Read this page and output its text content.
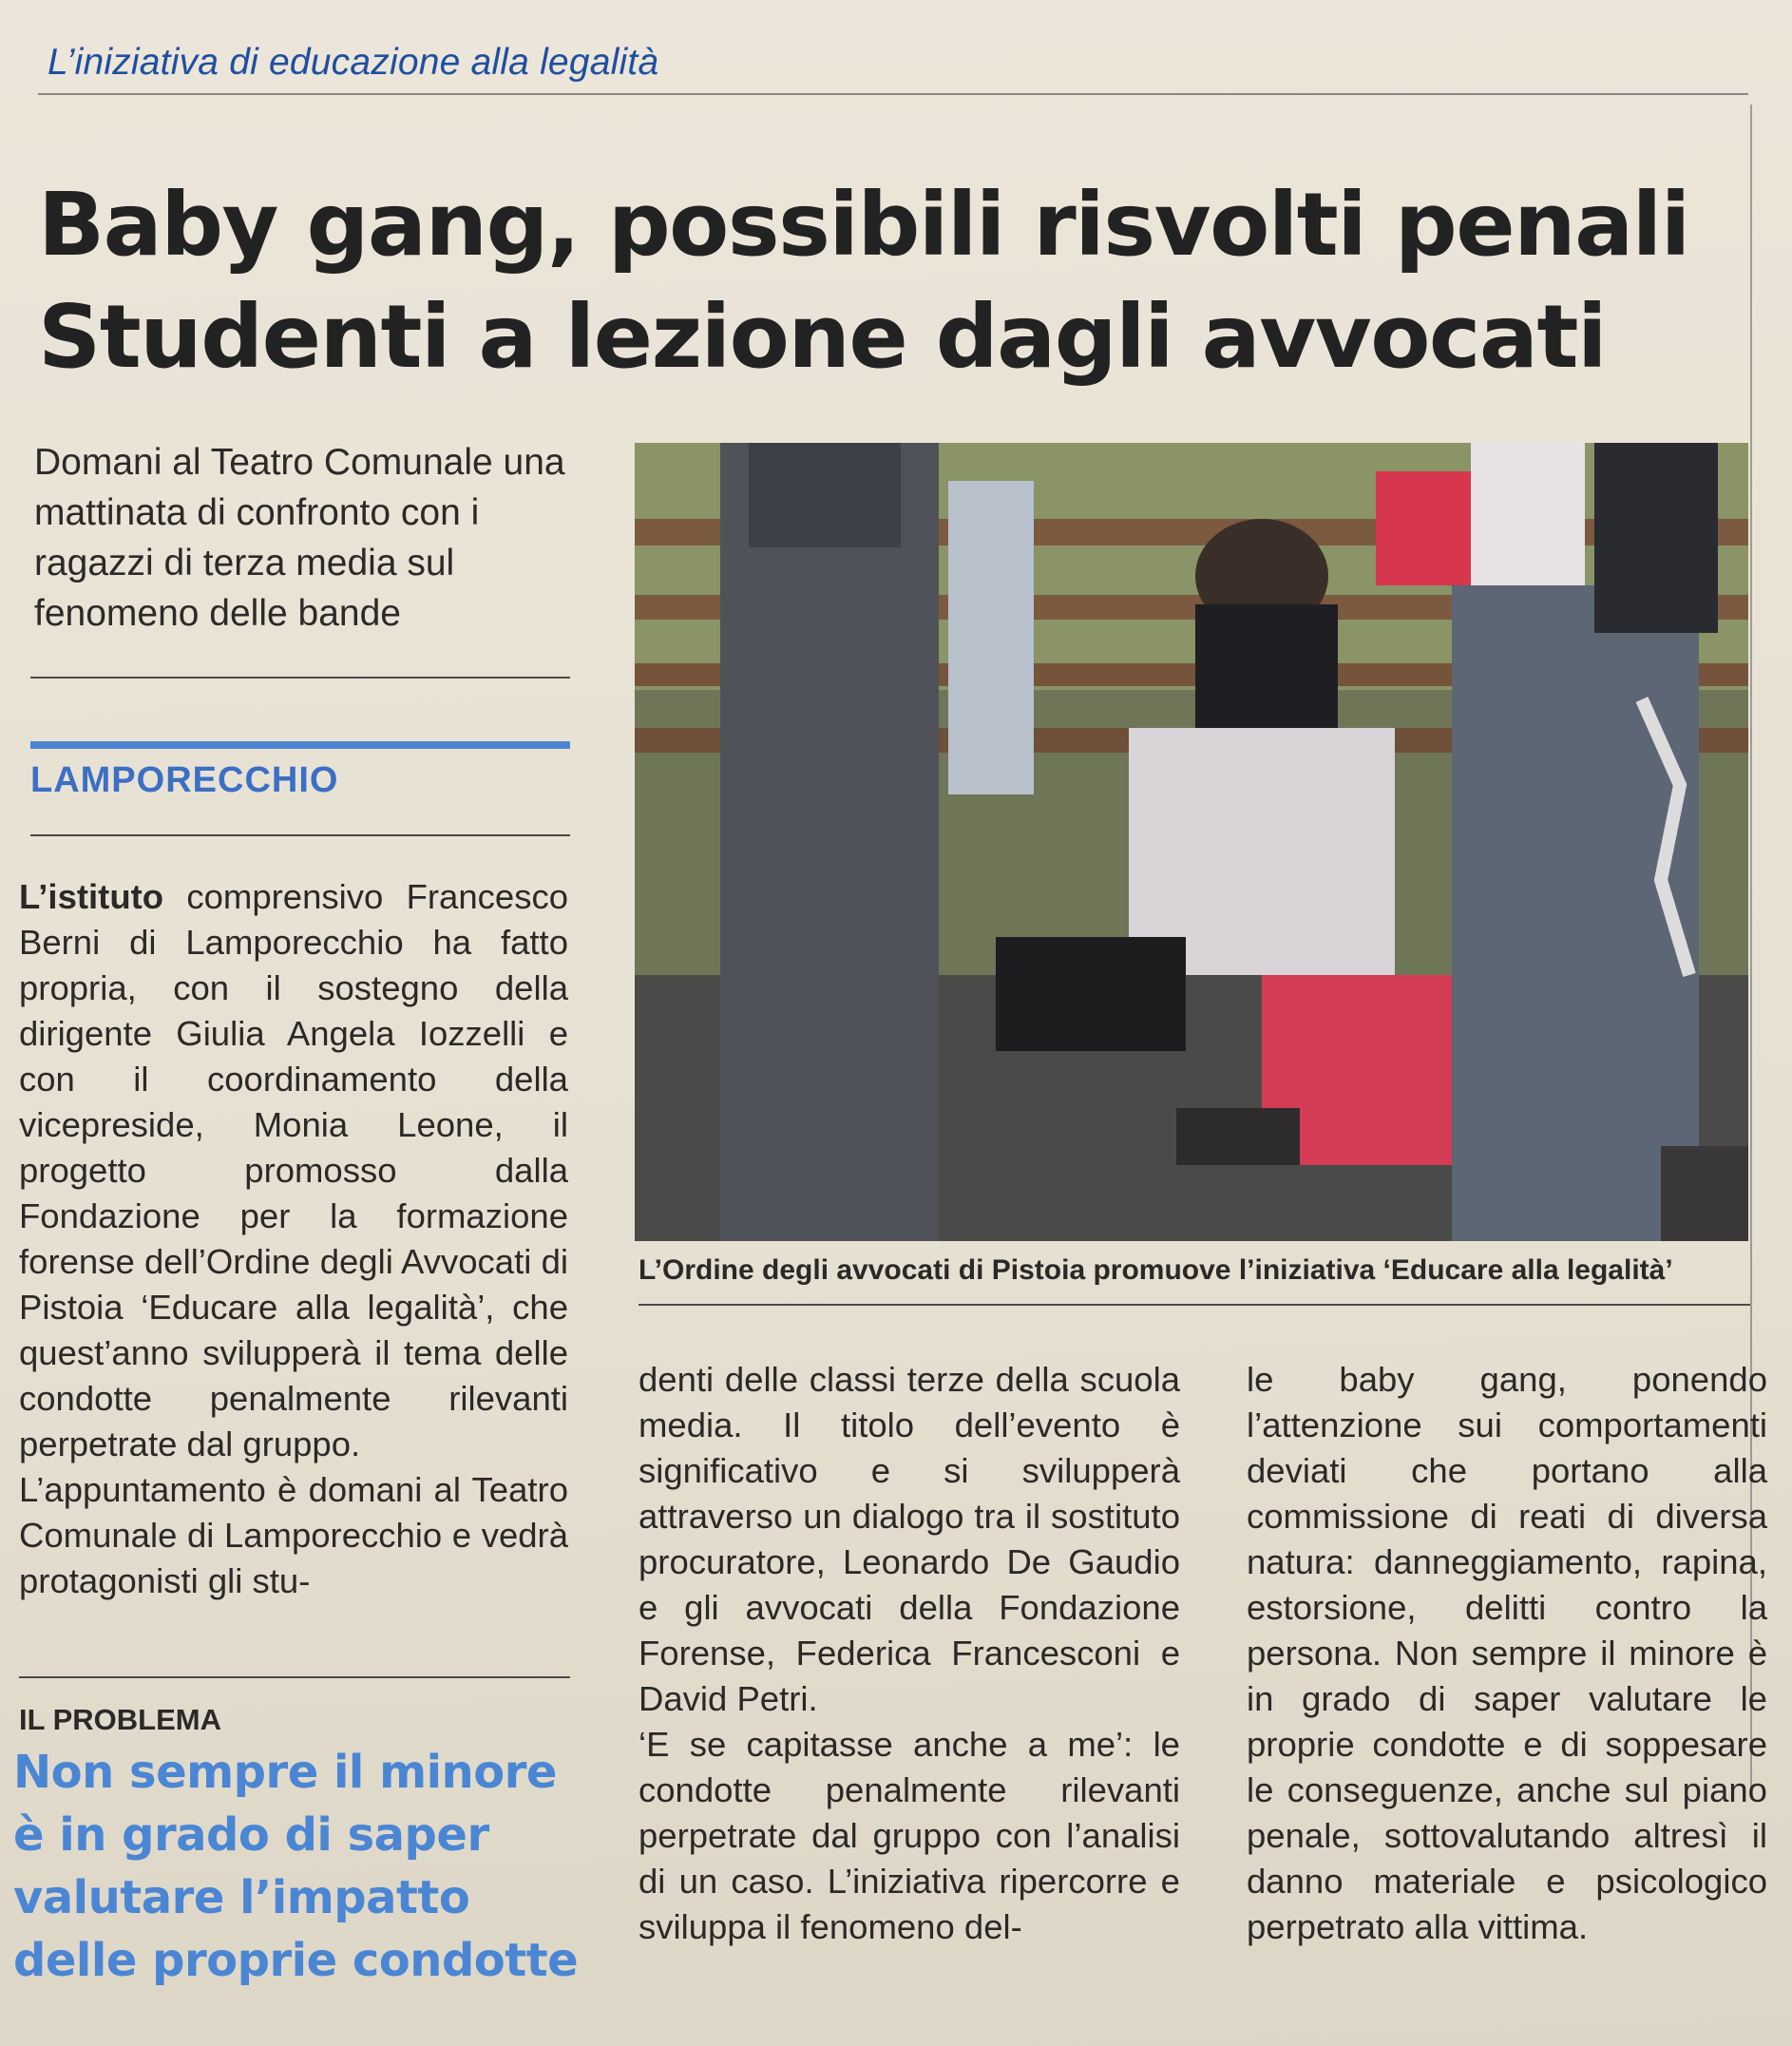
L’iniziativa di educazione alla legalità
Baby gang, possibili risvolti penali
Studenti a lezione dagli avvocati
Domani al Teatro Comunale una mattinata di confronto con i ragazzi di terza media sul fenomeno delle bande
LAMPORECCHIO

L’istituto comprensivo Francesco Berni di Lamporecchio ha fatto propria, con il sostegno della dirigente Giulia Angela Iozzelli e con il coordinamento della vicepreside, Monia Leone, il progetto promosso dalla Fondazione per la formazione forense dell’Ordine degli Avvocati di Pistoia ‘Educare alla legalità’, che quest’anno svilupperà il tema delle condotte penalmente rilevanti perpetrate dal gruppo.

L’appuntamento è domani al Teatro Comunale di Lamporecchio e vedrà protagonisti gli stu-

L’Ordine degli avvocati di Pistoia promuove l’iniziativa ‘Educare alla legalità’

denti delle classi terze della scuola media. Il titolo dell’evento è significativo e si svilupperà attraverso un dialogo tra il sostituto procuratore, Leonardo De Gaudio e gli avvocati della Fondazione Forense, Federica Francesconi e David Petri.

‘E se capitasse anche a me’: le condotte penalmente rilevanti perpetrate dal gruppo con l’analisi di un caso. L’iniziativa ripercorre e sviluppa il fenomeno del-

le baby gang, ponendo l’attenzione sui comportamenti deviati che portano alla commissione di reati di diversa natura: danneggiamento, rapina, estorsione, delitti contro la persona. Non sempre il minore è in grado di saper valutare le proprie condotte e di soppesare le conseguenze, anche sul piano penale, sottovalutando altresì il danno materiale e psicologico perpetrato alla vittima.

IL PROBLEMA
Non sempre il minore è in grado di saper valutare l’impatto delle proprie condotte
